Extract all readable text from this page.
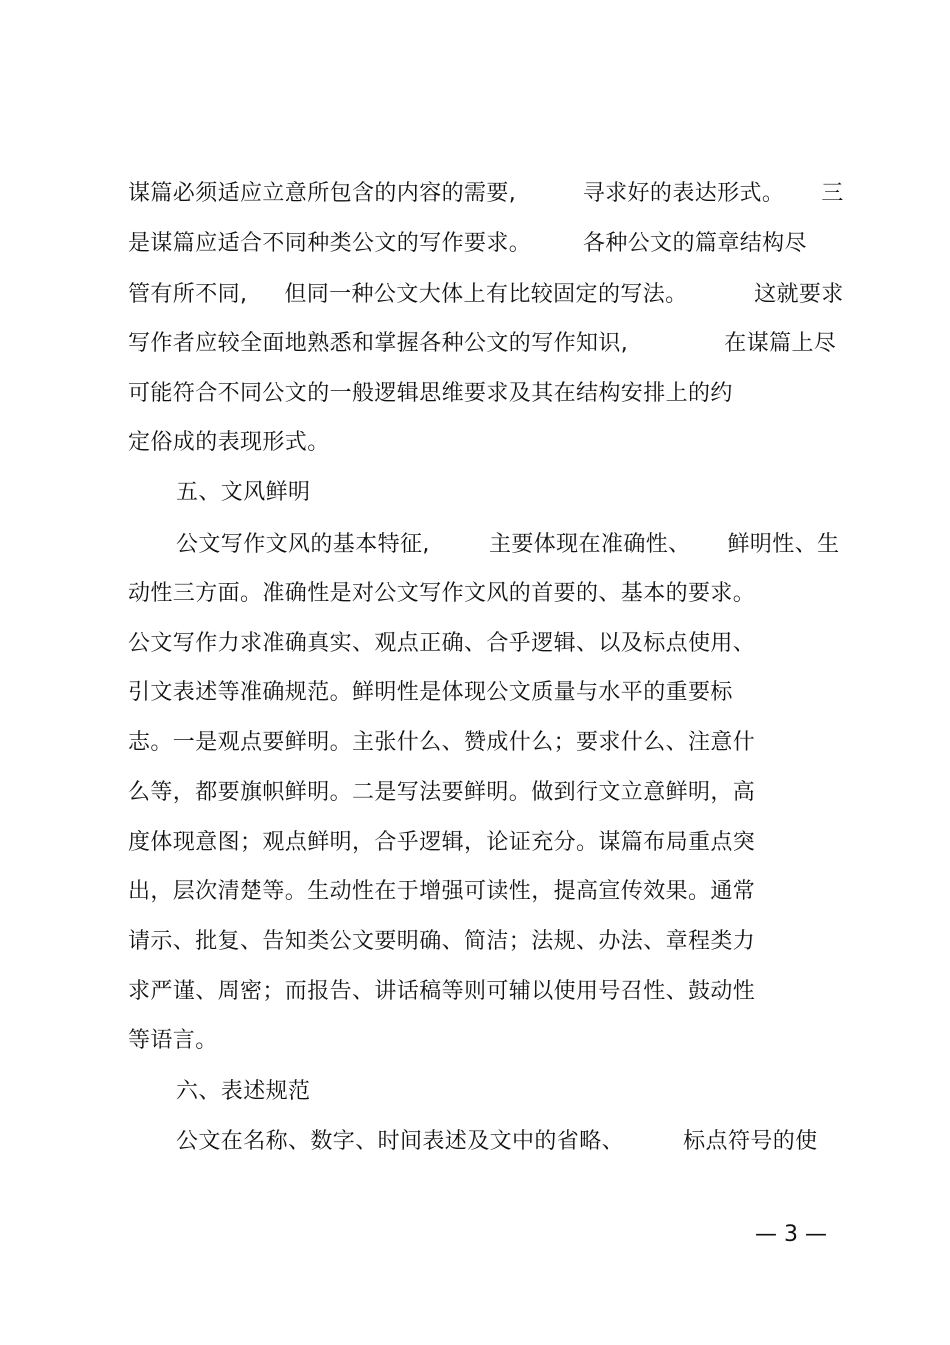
谋篇必须适应立意所包含的内容的需要,         寻求好的表达形式。     三
是谋篇应适合不同种类公文的写作要求。       各种公文的篇章结构尽
管有所不同,     但同一种公文大体上有比较固定的写法。         这就要求
写作者应较全面地熟悉和掌握各种公文的写作知识,             在谋篇上尽
可能符合不同公文的一般逻辑思维要求及其在结构安排上的约
定俗成的表现形式。
五、文风鲜明
公文写作文风的基本特征,        主要体现在准确性、     鲜明性、生
动性三方面。准确性是对公文写作文风的首要的、基本的要求。
公文写作力求准确真实、观点正确、合乎逻辑、以及标点使用、
引文表述等准确规范。鲜明性是体现公文质量与水平的重要标
志。一是观点要鲜明。主张什么、赞成什么；要求什么、注意什
么等，都要旗帜鲜明。二是写法要鲜明。做到行文立意鲜明，高
度体现意图；观点鲜明，合乎逻辑，论证充分。谋篇布局重点突
出，层次清楚等。生动性在于增强可读性，提高宣传效果。通常
请示、批复、告知类公文要明确、简洁；法规、办法、章程类力
求严谨、周密；而报告、讲话稿等则可辅以使用号召性、鼓动性
等语言。
六、表述规范
公文在名称、数字、时间表述及文中的省略、        标点符号的使
— 3 —
